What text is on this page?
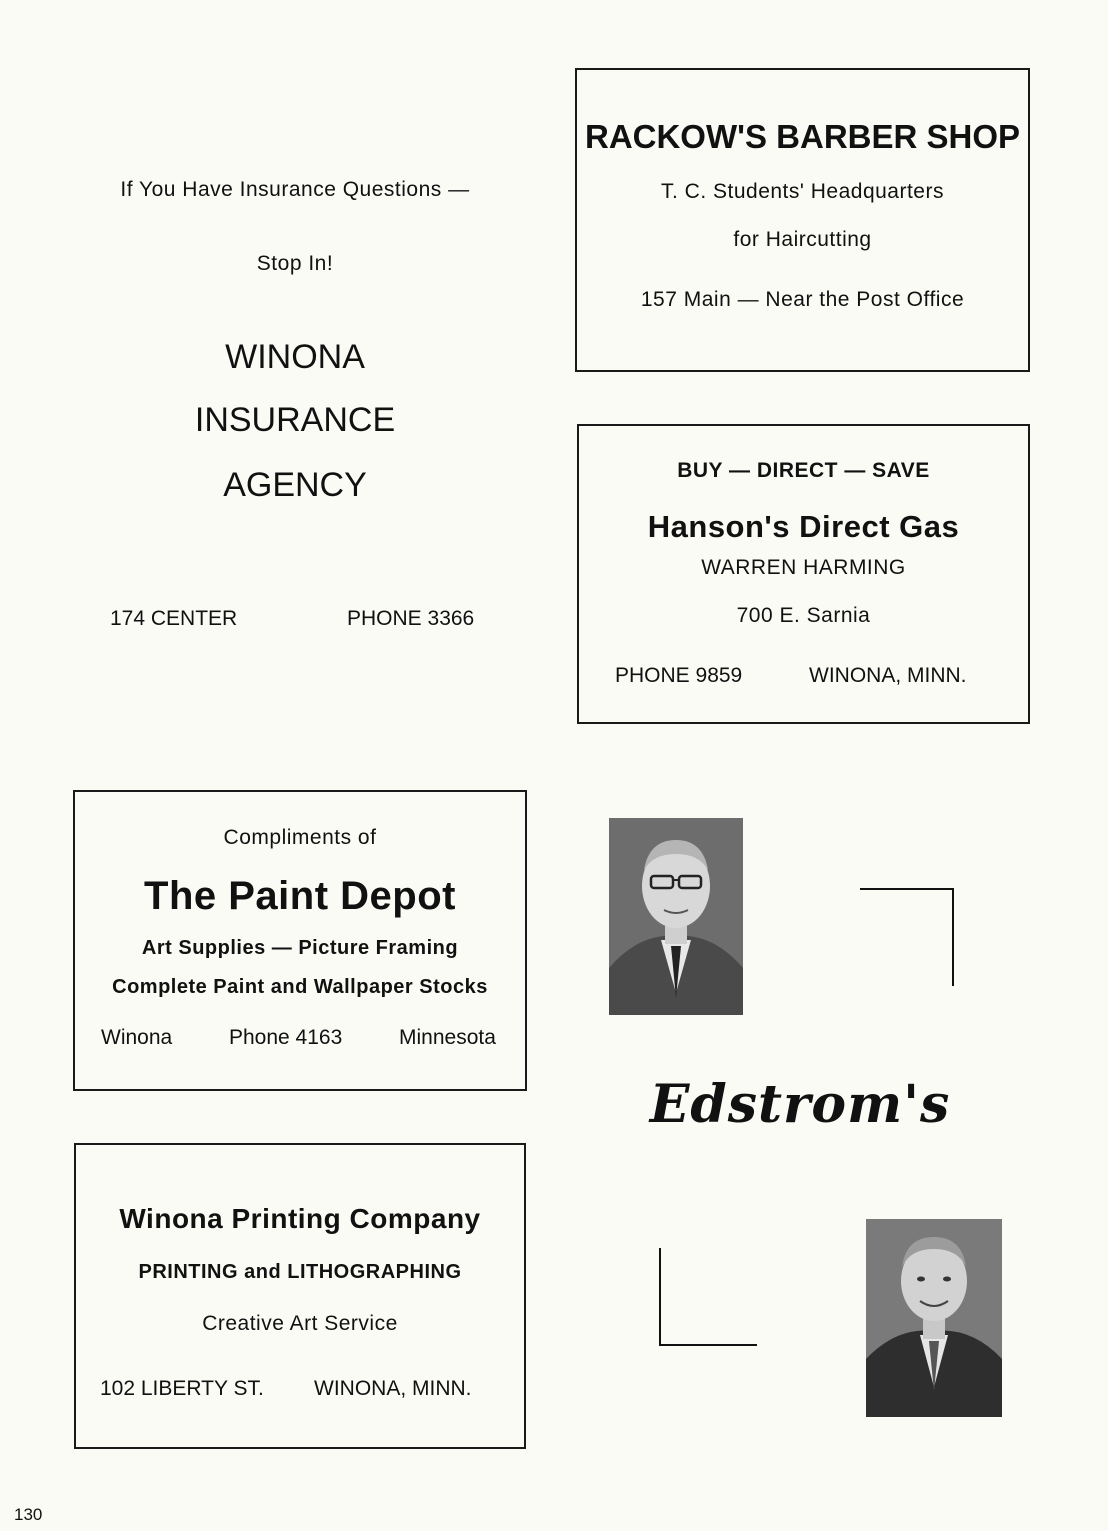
If You Have Insurance Questions —
Stop In!
WINONA
INSURANCE
AGENCY
174 CENTER	PHONE 3366
RACKOW'S BARBER SHOP
T. C. Students' Headquarters
for Haircutting
157 Main — Near the Post Office
BUY — DIRECT — SAVE
Hanson's Direct Gas
WARREN HARMING
700 E. Sarnia
PHONE 9859	WINONA, MINN.
Compliments of
The Paint Depot
Art Supplies — Picture Framing
Complete Paint and Wallpaper Stocks
Winona	Phone 4163	Minnesota
Winona Printing Company
PRINTING and LITHOGRAPHING
Creative Art Service
102 LIBERTY ST. WINONA, MINN.
Edstrom's
130
